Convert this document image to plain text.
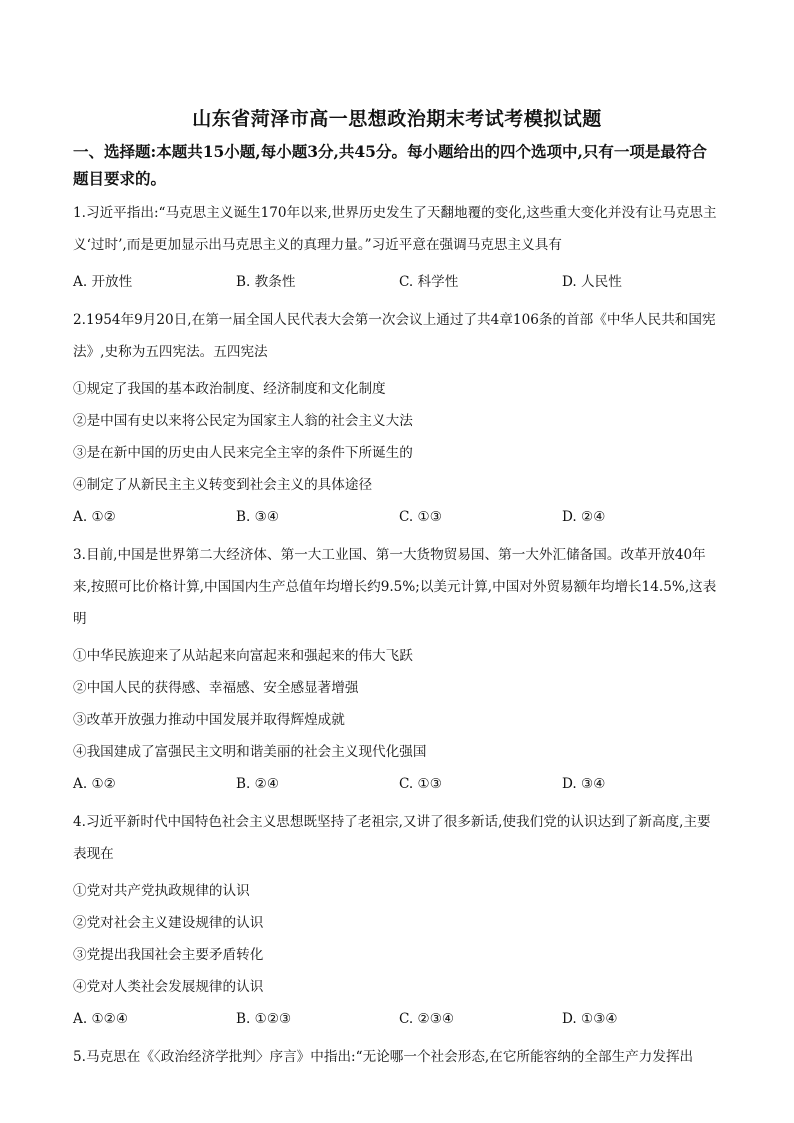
山东省菏泽市高一思想政治期末考试考模拟试题
一、选择题:本题共15小题,每小题3分,共45分。每小题给出的四个选项中,只有一项是最符合题目要求的。
1.习近平指出:“马克思主义诞生170年以来,世界历史发生了天翻地覆的变化,这些重大变化并没有让马克思主义‘过时’,而是更加显示出马克思主义的真理力量。”习近平意在强调马克思主义具有
A. 开放性	B. 教条性	C. 科学性	D. 人民性
2.1954年9月20日,在第一届全国人民代表大会第一次会议上通过了共4章106条的首部《中华人民共和国宪法》,史称为五四宪法。五四宪法
①规定了我国的基本政治制度、经济制度和文化制度
②是中国有史以来将公民定为国家主人翁的社会主义大法
③是在新中国的历史由人民来完全主宰的条件下所诞生的
④制定了从新民主主义转变到社会主义的具体途径
A. ①②	B. ③④	C. ①③	D. ②④
3.目前,中国是世界第二大经济体、第一大工业国、第一大货物贸易国、第一大外汇储备国。改革开放40年来,按照可比价格计算,中国国内生产总值年均增长约9.5%;以美元计算,中国对外贸易额年均增长14.5%,这表明
①中华民族迎来了从站起来向富起来和强起来的伟大飞跃
②中国人民的获得感、幸福感、安全感显著增强
③改革开放强力推动中国发展并取得辉煌成就
④我国建成了富强民主文明和谐美丽的社会主义现代化强国
A. ①②	B. ②④	C. ①③	D. ③④
4.习近平新时代中国特色社会主义思想既坚持了老祖宗,又讲了很多新话,使我们党的认识达到了新高度,主要表现在
①党对共产党执政规律的认识
②党对社会主义建设规律的认识
③党提出我国社会主要矛盾转化
④党对人类社会发展规律的认识
A. ①②④	B. ①②③	C. ②③④	D. ①③④
5.马克思在《〈政治经济学批判〉序言》中指出:“无论哪一个社会形态,在它所能容纳的全部生产力发挥出
